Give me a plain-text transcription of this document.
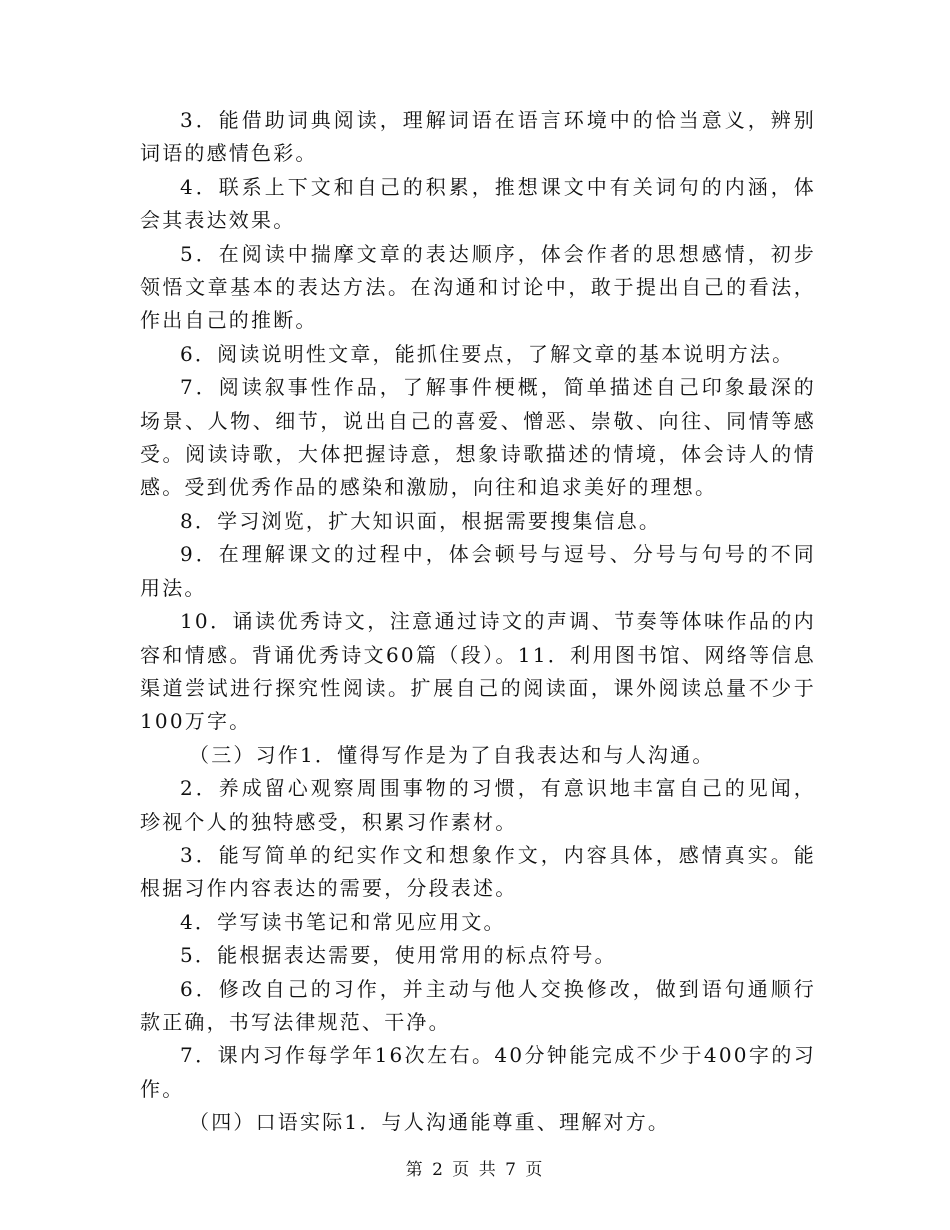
3．能借助词典阅读，理解词语在语言环境中的恰当意义，辨别词语的感情色彩。

4．联系上下文和自己的积累，推想课文中有关词句的内涵，体会其表达效果。

5．在阅读中揣摩文章的表达顺序，体会作者的思想感情，初步领悟文章基本的表达方法。在沟通和讨论中，敢于提出自己的看法，作出自己的推断。

6．阅读说明性文章，能抓住要点，了解文章的基本说明方法。

7．阅读叙事性作品，了解事件梗概，简单描述自己印象最深的场景、人物、细节，说出自己的喜爱、憎恶、崇敬、向往、同情等感受。阅读诗歌，大体把握诗意，想象诗歌描述的情境，体会诗人的情感。受到优秀作品的感染和激励，向往和追求美好的理想。

8．学习浏览，扩大知识面，根据需要搜集信息。

9．在理解课文的过程中，体会顿号与逗号、分号与句号的不同用法。

10．诵读优秀诗文，注意通过诗文的声调、节奏等体味作品的内容和情感。背诵优秀诗文60篇（段）。11．利用图书馆、网络等信息渠道尝试进行探究性阅读。扩展自己的阅读面，课外阅读总量不少于100万字。

（三）习作1．懂得写作是为了自我表达和与人沟通。

2．养成留心观察周围事物的习惯，有意识地丰富自己的见闻，珍视个人的独特感受，积累习作素材。

3．能写简单的纪实作文和想象作文，内容具体，感情真实。能根据习作内容表达的需要，分段表述。

4．学写读书笔记和常见应用文。

5．能根据表达需要，使用常用的标点符号。

6．修改自己的习作，并主动与他人交换修改，做到语句通顺行款正确，书写法律规范、干净。

7．课内习作每学年16次左右。40分钟能完成不少于400字的习作。

（四）口语实际1．与人沟通能尊重、理解对方。

第 2 页 共 7 页
